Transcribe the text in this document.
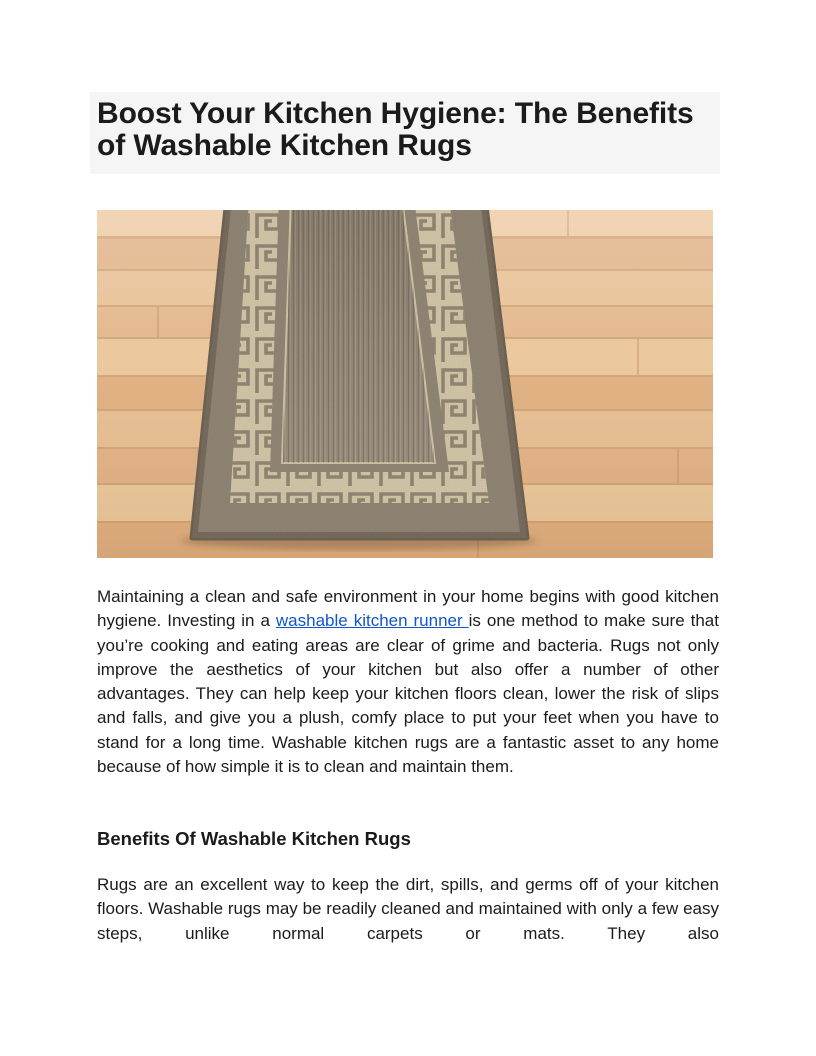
Boost Your Kitchen Hygiene: The Benefits
of Washable Kitchen Rugs

Maintaining a clean and safe environment in your home begins with good kitchen hygiene. Investing in a washable kitchen runner is one method to make sure that you’re cooking and eating areas are clear of grime and bacteria. Rugs not only improve the aesthetics of your kitchen but also offer a number of other advantages. They can help keep your kitchen floors clean, lower the risk of slips and falls, and give you a plush, comfy place to put your feet when you have to stand for a long time. Washable kitchen rugs are a fantastic asset to any home because of how simple it is to clean and maintain them.

Benefits Of Washable Kitchen Rugs

Rugs are an excellent way to keep the dirt, spills, and germs off of your kitchen floors. Washable rugs may be readily cleaned and maintained with only a few easy steps, unlike normal carpets or mats. They also
